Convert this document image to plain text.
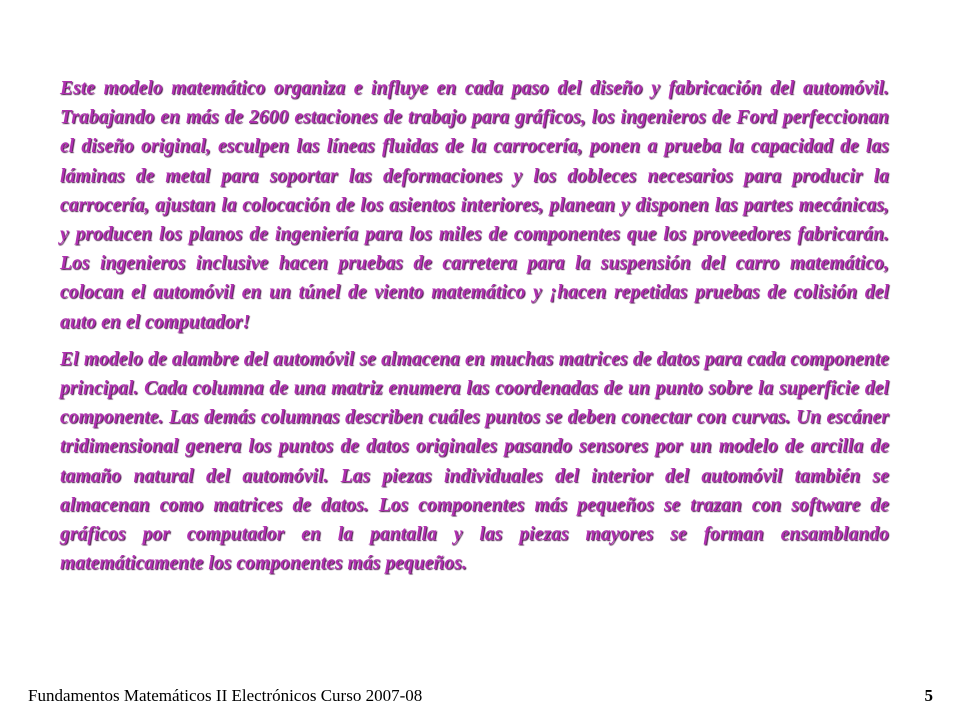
Este modelo matemático organiza e influye en cada paso del diseño y fabricación del automóvil. Trabajando en más de 2600 estaciones de trabajo para gráficos, los ingenieros de Ford perfeccionan el diseño original, esculpen las líneas fluidas de la carrocería, ponen a prueba la capacidad de las láminas de metal para soportar las deformaciones y los dobleces necesarios para producir la carrocería, ajustan la colocación de los asientos interiores, planean y disponen las partes mecánicas, y producen los planos de ingeniería para los miles de componentes que los proveedores fabricarán. Los ingenieros inclusive hacen pruebas de carretera para la suspensión del carro matemático, colocan el automóvil en un túnel de viento matemático y ¡hacen repetidas pruebas de colisión del auto en el computador!

El modelo de alambre del automóvil se almacena en muchas matrices de datos para cada componente principal. Cada columna de una matriz enumera las coordenadas de un punto sobre la superficie del componente. Las demás columnas describen cuáles puntos se deben conectar con curvas. Un escáner tridimensional genera los puntos de datos originales pasando sensores por un modelo de arcilla de tamaño natural del automóvil. Las piezas individuales del interior del automóvil también se almacenan como matrices de datos. Los componentes más pequeños se trazan con software de gráficos por computador en la pantalla y las piezas mayores se forman ensamblando matemáticamente los componentes más pequeños.

Fundamentos Matemáticos II Electrónicos Curso 2007-08	5
